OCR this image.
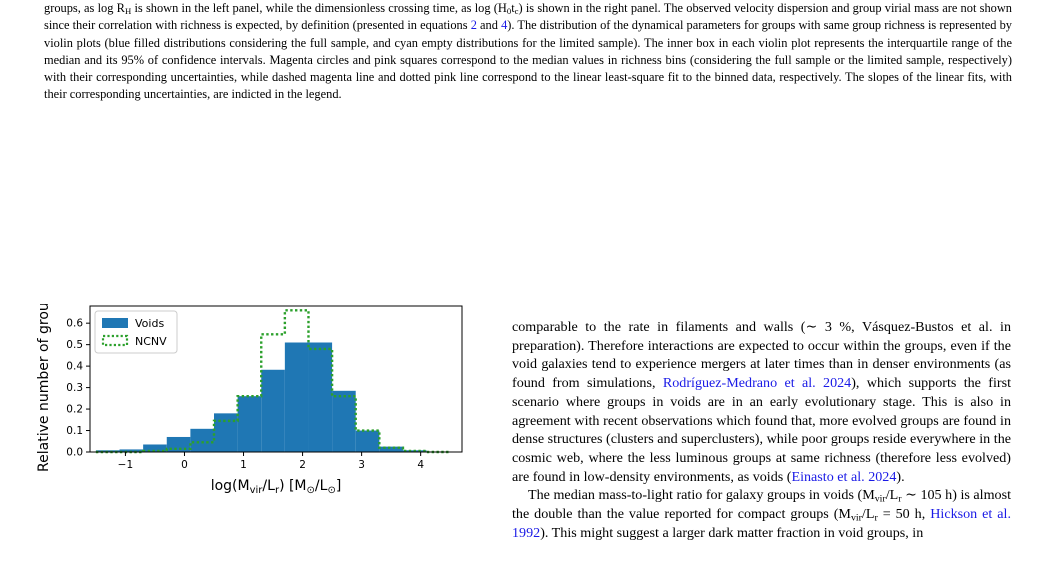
groups, as $\log R_H$ is shown in the left panel, while the dimensionless crossing time, as $\log (H_0t_c)$ is shown in the right panel. The observed velocity dispersion and group virial mass are not shown since their correlation with richness is expected, by definition (presented in equations 2 and 4). The distribution of the dynamical parameters for groups with same group richness is represented by violin plots (blue filled distributions considering the full sample, and cyan empty distributions for the limited sample). The inner box in each violin plot represents the interquartile range of the median and its 95% of confidence intervals. Magenta circles and pink squares correspond to the median values in richness bins (considering the full sample or the limited sample, respectively) with their corresponding uncertainties, while dashed magenta line and dotted pink line correspond to the linear least-square fit to the binned data, respectively. The slopes of the linear fits, with their corresponding uncertainties, are indicted in the legend.

−1	0	1	2	3	4
0.0
0.1
0.2
0.3
0.4
0.5
0.6
$\log(M_{vir}/L_r)$ $[M_⊙/L_⊙]$
Relative number of groups	Voids
NCNV

comparable to the rate in filaments and walls (∼ 3 %, Vásquez-Bustos et al. in preparation). Therefore interactions are expected to occur within the groups, even if the void galaxies tend to experience mergers at later times than in denser environments (as found from simulations, Rodríguez-Medrano et al. 2024), which supports the first scenario where groups in voids are in an early evolutionary stage. This is also in agreement with recent observations which found that, more evolved groups are found in dense structures (clusters and superclusters), while poor groups reside everywhere in the cosmic web, where the less luminous groups at same richness (therefore less evolved) are found in low-density environments, as voids (Einasto et al. 2024).

The median mass-to-light ratio for galaxy groups in voids ($M_{vir}/L_r$ ∼ 105 h) is almost the double than the value reported for compact groups ($M_{vir}/L_r = 50$ h, Hickson et al. 1992). This might suggest a larger dark matter fraction in void groups, in
